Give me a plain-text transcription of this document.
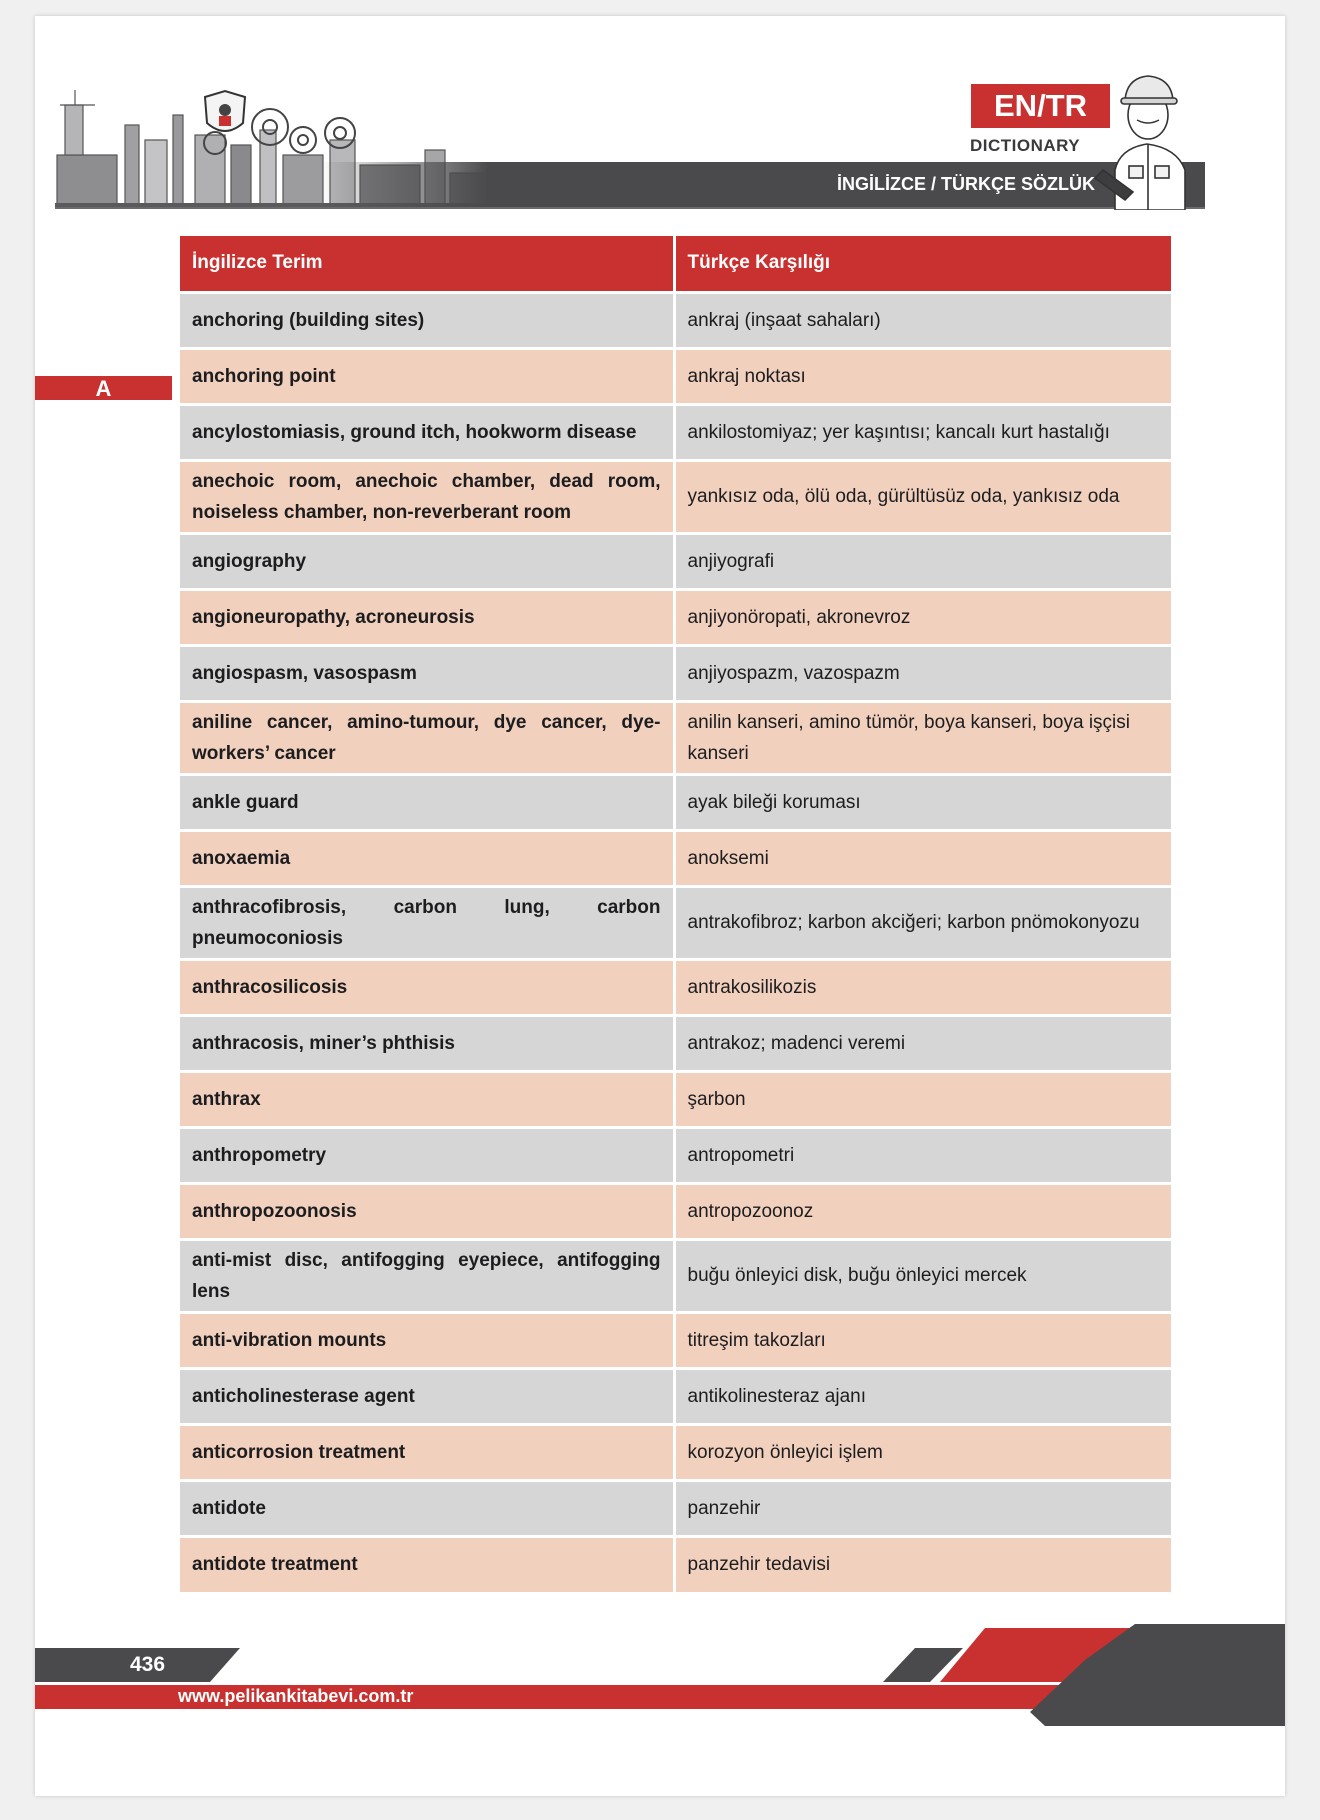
EN/TR
DICTIONARY
İNGİLİZCE / TÜRKÇE SÖZLÜK
A
İngilizce Terim	Türkçe Karşılığı
anchoring (building sites)	ankraj (inşaat sahaları)
anchoring point	ankraj noktası
ancylostomiasis, ground itch, hookworm disease	ankilostomiyaz; yer kaşıntısı; kancalı kurt hastalığı
anechoic room, anechoic chamber, dead room, noiseless chamber, non-reverberant room	yankısız oda, ölü oda, gürültüsüz oda, yankısız oda
angiography	anjiyografi
angioneuropathy, acroneurosis	anjiyonöropati, akronevroz
angiospasm, vasospasm	anjiyospazm, vazospazm
aniline cancer, amino-tumour, dye cancer, dye-workers’ cancer	anilin kanseri, amino tümör, boya kanseri, boya işçisi kanseri
ankle guard	ayak bileği koruması
anoxaemia	anoksemi
anthracofibrosis, carbon lung, carbon pneumoconiosis	antrakofibroz; karbon akciğeri; karbon pnömokonyozu
anthracosilicosis	antrakosilikozis
anthracosis, miner’s phthisis	antrakoz; madenci veremi
anthrax	şarbon
anthropometry	antropometri
anthropozoonosis	antropozoonoz
anti-mist disc, antifogging eyepiece, antifogging lens	buğu önleyici disk, buğu önleyici mercek
anti-vibration mounts	titreşim takozları
anticholinesterase agent	antikolinesteraz ajanı
anticorrosion treatment	korozyon önleyici işlem
antidote	panzehir
antidote treatment	panzehir tedavisi
436
www.pelikankitabevi.com.tr
